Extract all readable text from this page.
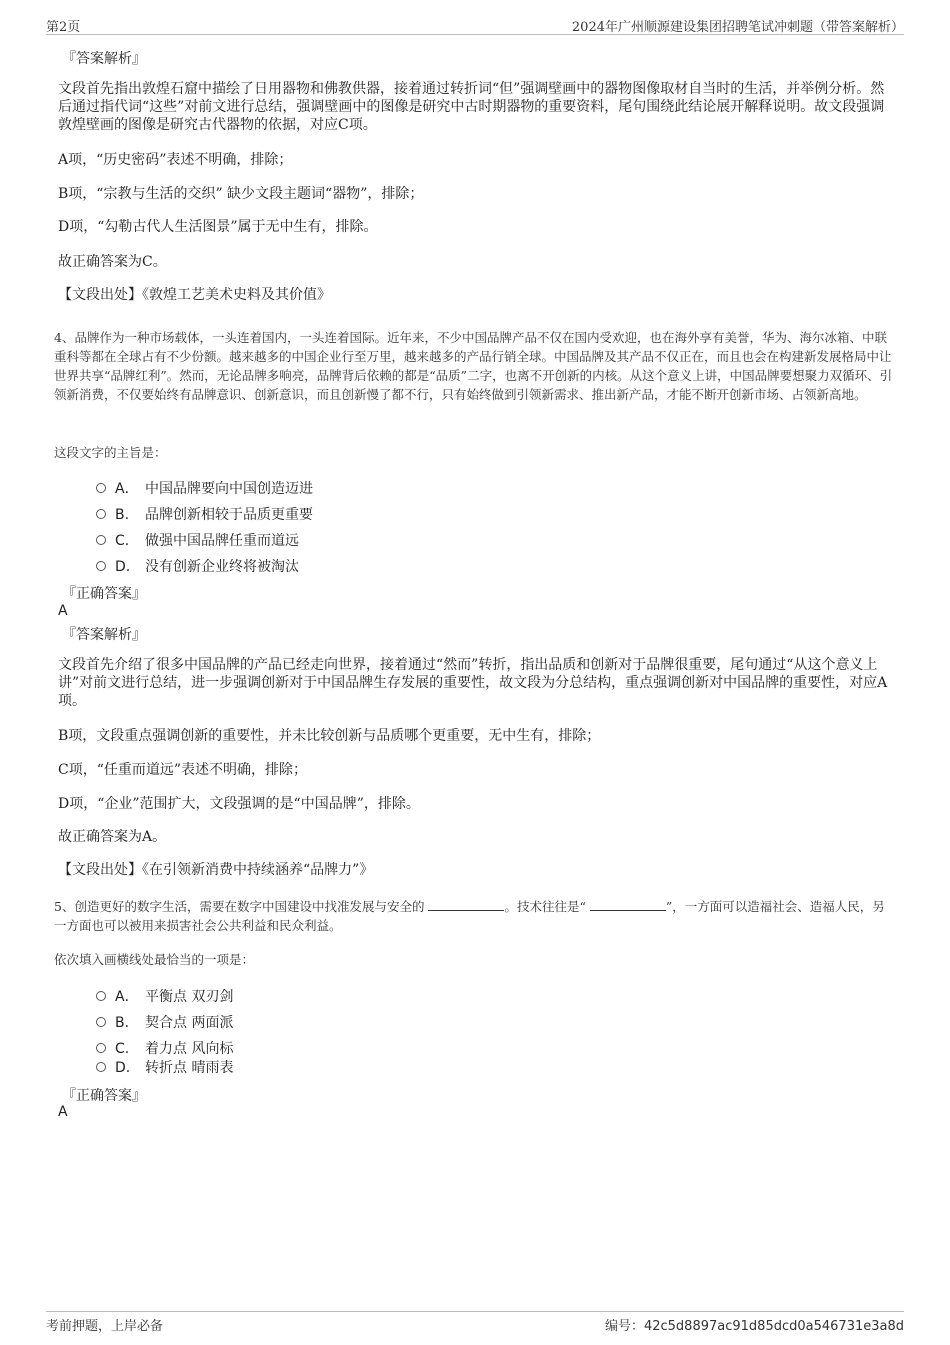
第2页	2024年广州顺源建设集团招聘笔试冲刺题（带答案解析）
『答案解析』
文段首先指出敦煌石窟中描绘了日用器物和佛教供器，接着通过转折词“但”强调壁画中的器物图像取材自当时的生活，并举例分析。然后通过指代词“这些”对前文进行总结，强调壁画中的图像是研究中古时期器物的重要资料，尾句围绕此结论展开解释说明。故文段强调敦煌壁画的图像是研究古代器物的依据，对应C项。
A项，“历史密码”表述不明确，排除；
B项，“宗教与生活的交织” 缺少文段主题词“器物”，排除；
D项，“勾勒古代人生活图景”属于无中生有，排除。
故正确答案为C。
【文段出处】《敦煌工艺美术史料及其价值》
4、品牌作为一种市场载体，一头连着国内，一头连着国际。近年来，不少中国品牌产品不仅在国内受欢迎，也在海外享有美誉，华为、海尔冰箱、中联重科等都在全球占有不少份额。越来越多的中国企业行至万里，越来越多的产品行销全球。中国品牌及其产品不仅正在，而且也会在构建新发展格局中让世界共享“品牌红利”。然而，无论品牌多响亮，品牌背后依赖的都是“品质”二字，也离不开创新的内核。从这个意义上讲，中国品牌要想聚力双循环、引领新消费，不仅要始终有品牌意识、创新意识，而且创新慢了都不行，只有始终做到引领新需求、推出新产品，才能不断开创新市场、占领新高地。
这段文字的主旨是：
A． 中国品牌要向中国创造迈进
B. 品牌创新相较于品质更重要
C. 做强中国品牌任重而道远
D. 没有创新企业终将被淘汰
『正确答案』
A
『答案解析』
文段首先介绍了很多中国品牌的产品已经走向世界，接着通过“然而”转折，指出品质和创新对于品牌很重要，尾句通过“从这个意义上讲”对前文进行总结，进一步强调创新对于中国品牌生存发展的重要性，故文段为分总结构，重点强调创新对中国品牌的重要性，对应A项。
B项，文段重点强调创新的重要性，并未比较创新与品质哪个更重要，无中生有，排除；
C项，“任重而道远”表述不明确，排除；
D项，“企业”范围扩大，文段强调的是“中国品牌”，排除。
故正确答案为A。
【文段出处】《在引领新消费中持续涵养“品牌力”》
5、创造更好的数字生活，需要在数字中国建设中找准发展与安全的	。技术往往是“	”，一方面可以造福社会、造福人民，另一方面也可以被用来损害社会公共利益和民众利益。
依次填入画横线处最恰当的一项是：
A． 平衡点 双刃剑
B. 契合点 两面派
C. 着力点 风向标
D. 转折点 晴雨表
『正确答案』
A
考前押题，上岸必备	编号：42c5d8897ac91d85dcd0a546731e3a8d
